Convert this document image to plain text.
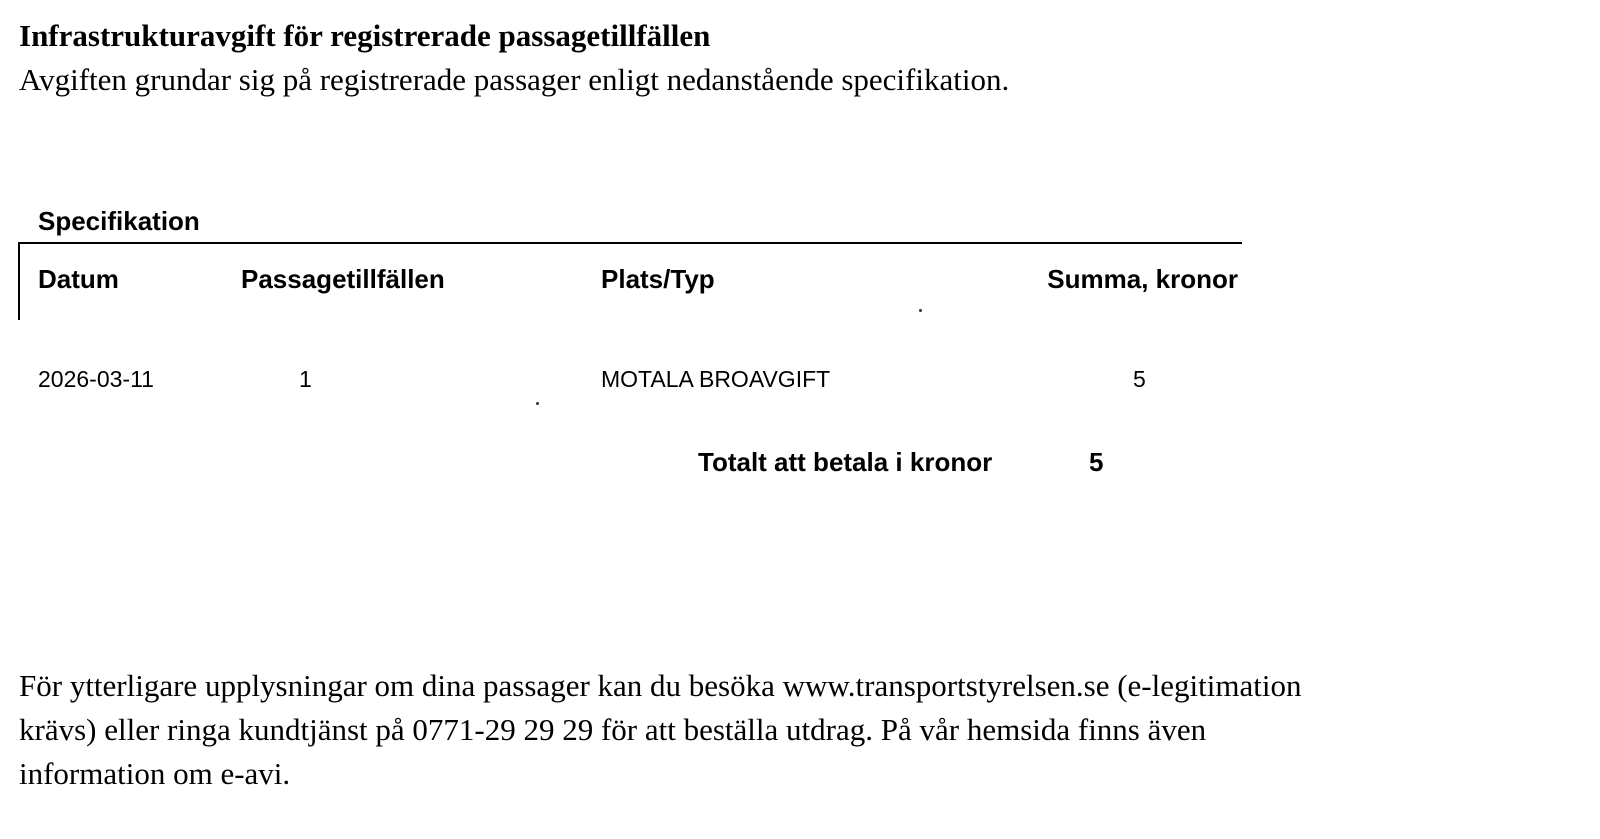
Infrastrukturavgift för registrerade passagetillfällen
Avgiften grundar sig på registrerade passager enligt nedanstående specifikation.
Specifikation
Datum	Passagetillfällen	Plats/Typ	Summa, kronor
2026-03-11	1	MOTALA BROAVGIFT	5
Totalt att betala i kronor	5

För ytterligare upplysningar om dina passager kan du besöka www.transportstyrelsen.se (e-legitimation

krävs) eller ringa kundtjänst på 0771-29 29 29 för att beställa utdrag. På vår hemsida finns även

information om e-avi.
